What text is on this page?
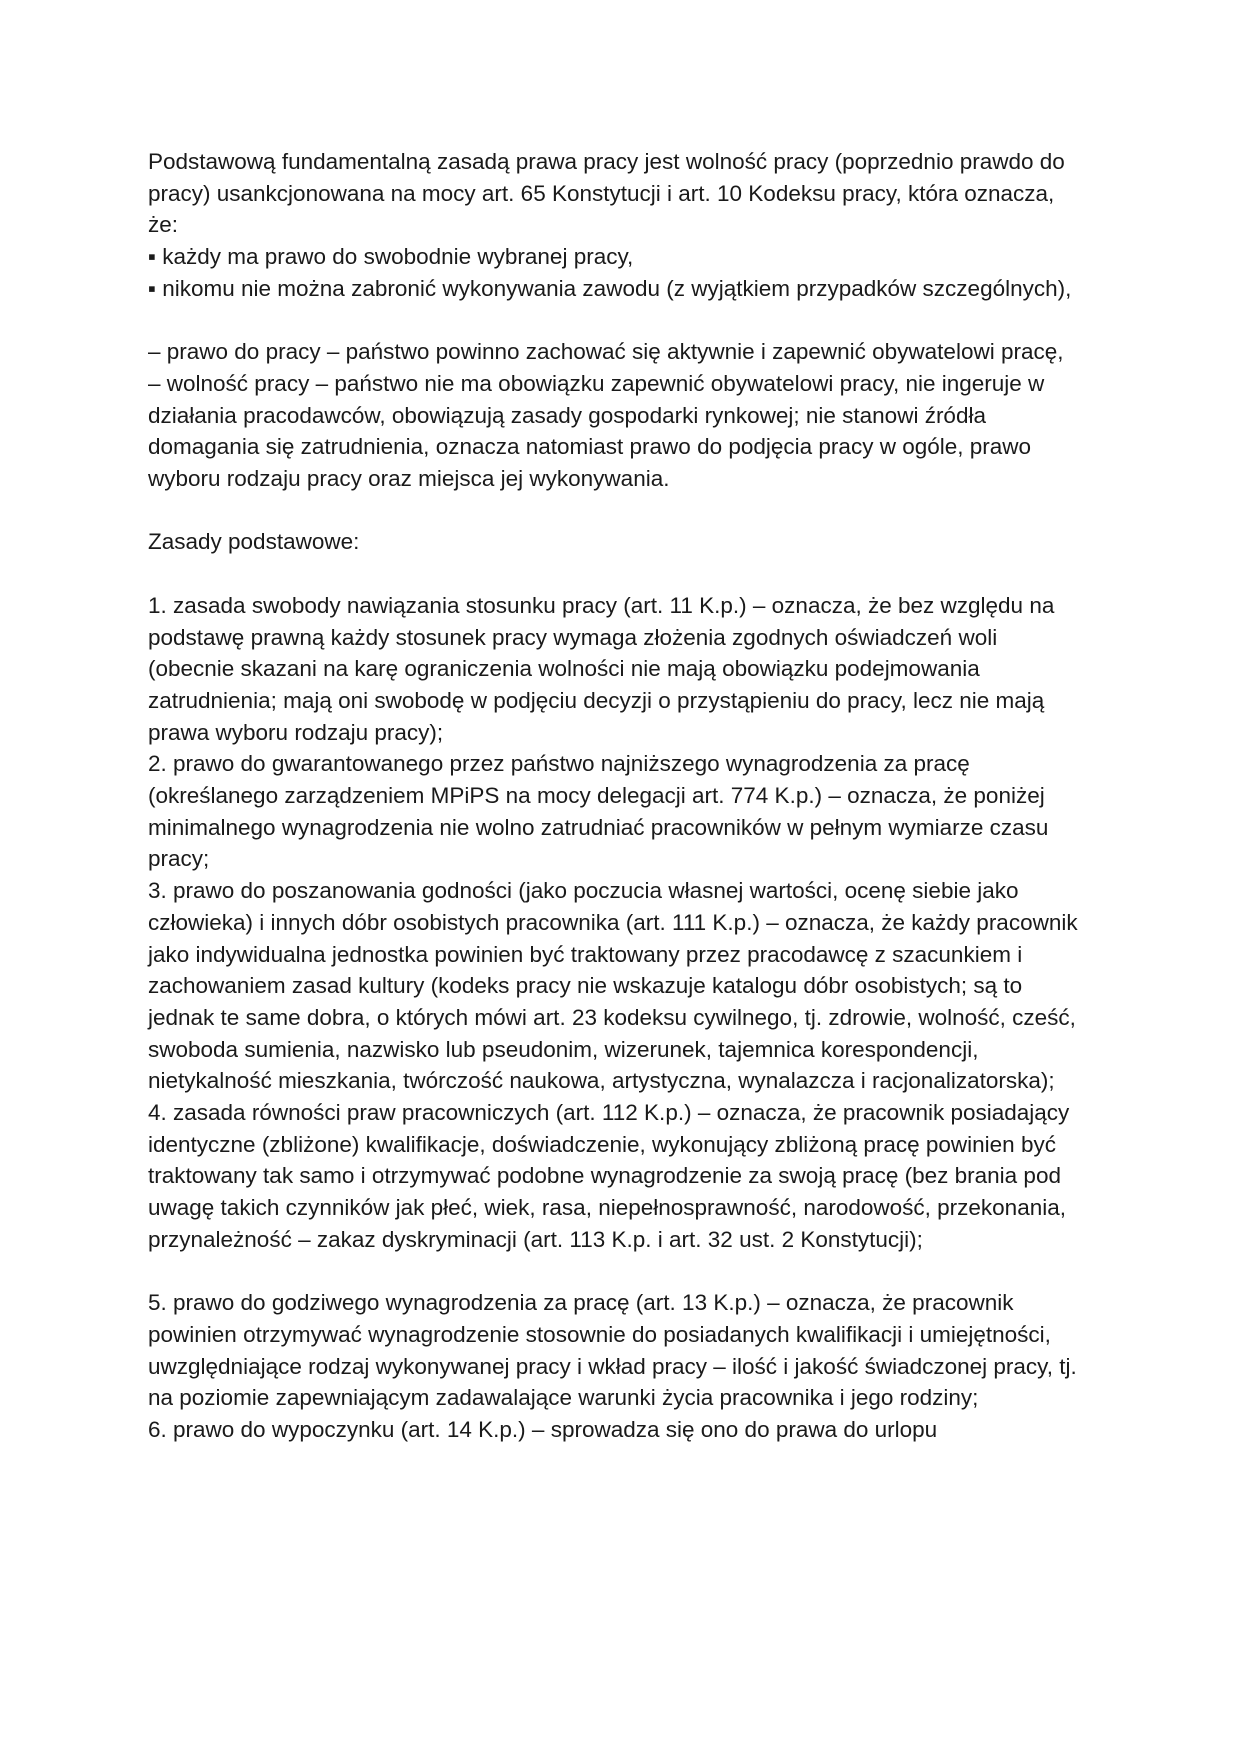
Podstawową fundamentalną zasadą prawa pracy jest wolność pracy (poprzednio prawdo do pracy) usankcjonowana na mocy art. 65 Konstytucji i art. 10 Kodeksu pracy, która oznacza, że:

▪ każdy ma prawo do swobodnie wybranej pracy,

▪ nikomu nie można zabronić wykonywania zawodu (z wyjątkiem przypadków szczególnych),

– prawo do pracy – państwo powinno zachować się aktywnie i zapewnić obywatelowi pracę,

– wolność pracy – państwo nie ma obowiązku zapewnić obywatelowi pracy, nie ingeruje w działania pracodawców, obowiązują zasady gospodarki rynkowej; nie stanowi źródła domagania się zatrudnienia, oznacza natomiast prawo do podjęcia pracy w ogóle, prawo wyboru rodzaju pracy oraz miejsca jej wykonywania.

Zasady podstawowe:

1. zasada swobody nawiązania stosunku pracy (art. 11 K.p.) – oznacza, że bez względu na podstawę prawną każdy stosunek pracy wymaga złożenia zgodnych oświadczeń woli (obecnie skazani na karę ograniczenia wolności nie mają obowiązku podejmowania zatrudnienia; mają oni swobodę w podjęciu decyzji o przystąpieniu do pracy, lecz nie mają prawa wyboru rodzaju pracy);

2. prawo do gwarantowanego przez państwo najniższego wynagrodzenia za pracę (określanego zarządzeniem MPiPS na mocy delegacji art. 774 K.p.) – oznacza, że poniżej minimalnego wynagrodzenia nie wolno zatrudniać pracowników w pełnym wymiarze czasu pracy;

3. prawo do poszanowania godności (jako poczucia własnej wartości, ocenę siebie jako człowieka) i innych dóbr osobistych pracownika (art. 111 K.p.) – oznacza, że każdy pracownik jako indywidualna jednostka powinien być traktowany przez pracodawcę z szacunkiem i zachowaniem zasad kultury (kodeks pracy nie wskazuje katalogu dóbr osobistych; są to jednak te same dobra, o których mówi art. 23 kodeksu cywilnego, tj. zdrowie, wolność, cześć, swoboda sumienia, nazwisko lub pseudonim, wizerunek, tajemnica korespondencji, nietykalność mieszkania, twórczość naukowa, artystyczna, wynalazcza i racjonalizatorska);

4. zasada równości praw pracowniczych (art. 112 K.p.) – oznacza, że pracownik posiadający identyczne (zbliżone) kwalifikacje, doświadczenie, wykonujący zbliżoną pracę powinien być traktowany tak samo i otrzymywać podobne wynagrodzenie za swoją pracę (bez brania pod uwagę takich czynników jak płeć, wiek, rasa, niepełnosprawność, narodowość, przekonania, przynależność – zakaz dyskryminacji (art. 113 K.p. i art. 32 ust. 2 Konstytucji);

5. prawo do godziwego wynagrodzenia za pracę (art. 13 K.p.) – oznacza, że pracownik powinien otrzymywać wynagrodzenie stosownie do posiadanych kwalifikacji i umiejętności, uwzględniające rodzaj wykonywanej pracy i wkład pracy – ilość i jakość świadczonej pracy, tj. na poziomie zapewniającym zadawalające warunki życia pracownika i jego rodziny;

6. prawo do wypoczynku (art. 14 K.p.) – sprowadza się ono do prawa do urlopu
